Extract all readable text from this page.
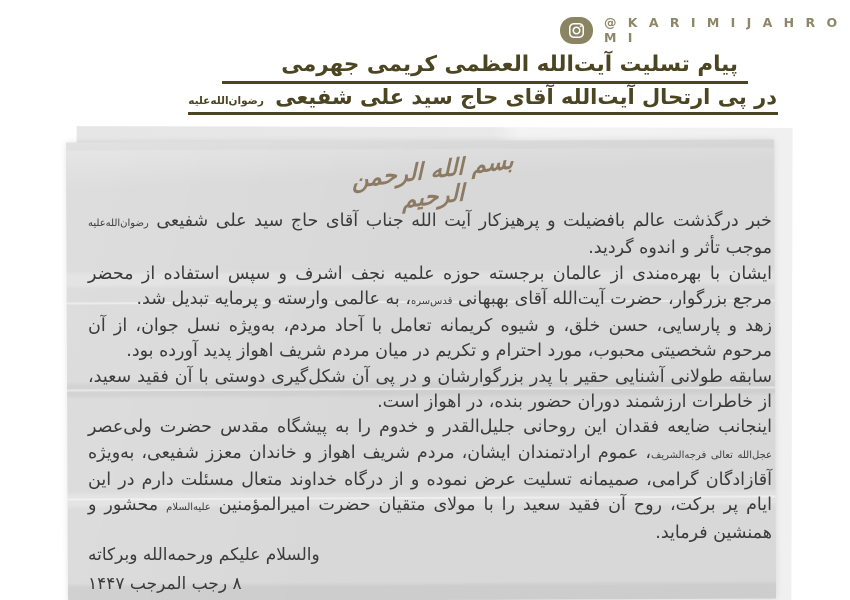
@ K A R I M I J A H R O M I
پیام تسلیت آیت‌الله العظمی کریمی جهرمی
در پی ارتحال آیت‌الله آقای حاج سید علی شفیعی رضوان‌الله‌علیه
بسم الله الرحمن الرحیم

خبر درگذشت عالم بافضیلت و پرهیزکار آیت الله جناب آقای حاج سید علی شفیعی رضوان‌الله‌علیه موجب تأثر و اندوه گردید.

ایشان با بهره‌مندی از عالمان برجسته حوزه علمیه نجف اشرف و سپس استفاده از محضر مرجع بزرگوار، حضرت آیت‌الله آقای بهبهانی قدس‌سره، به عالمی وارسته و پرمایه تبدیل شد.

زهد و پارسایی، حسن خلق، و شیوه کریمانه تعامل با آحاد مردم، به‌ویژه نسل جوان، از آن مرحوم شخصیتی محبوب، مورد احترام و تکریم در میان مردم شریف اهواز پدید آورده بود.

سابقه طولانی آشنایی حقیر با پدر بزرگوارشان و در پی آن شکل‌گیری دوستی با آن فقید سعید، از خاطرات ارزشمند دوران حضور بنده، در اهواز است.

اینجانب ضایعه فقدان این روحانی جلیل‌القدر و خدوم را به پیشگاه مقدس حضرت ولی‌عصر عجل‌الله تعالی فرجه‌الشریف، عموم ارادتمندان ایشان، مردم شریف اهواز و خاندان معزز شفیعی، به‌ویژه آقازادگان گرامی، صمیمانه تسلیت عرض نموده و از درگاه خداوند متعال مسئلت دارم در این ایام پر برکت، روح آن فقید سعید را با مولای متقیان حضرت امیرالمؤمنین علیه‌السلام محشور و همنشین فرماید.

والسلام علیکم ورحمه‌الله وبرکاته
۸ رجب المرجب ۱۴۴۷
